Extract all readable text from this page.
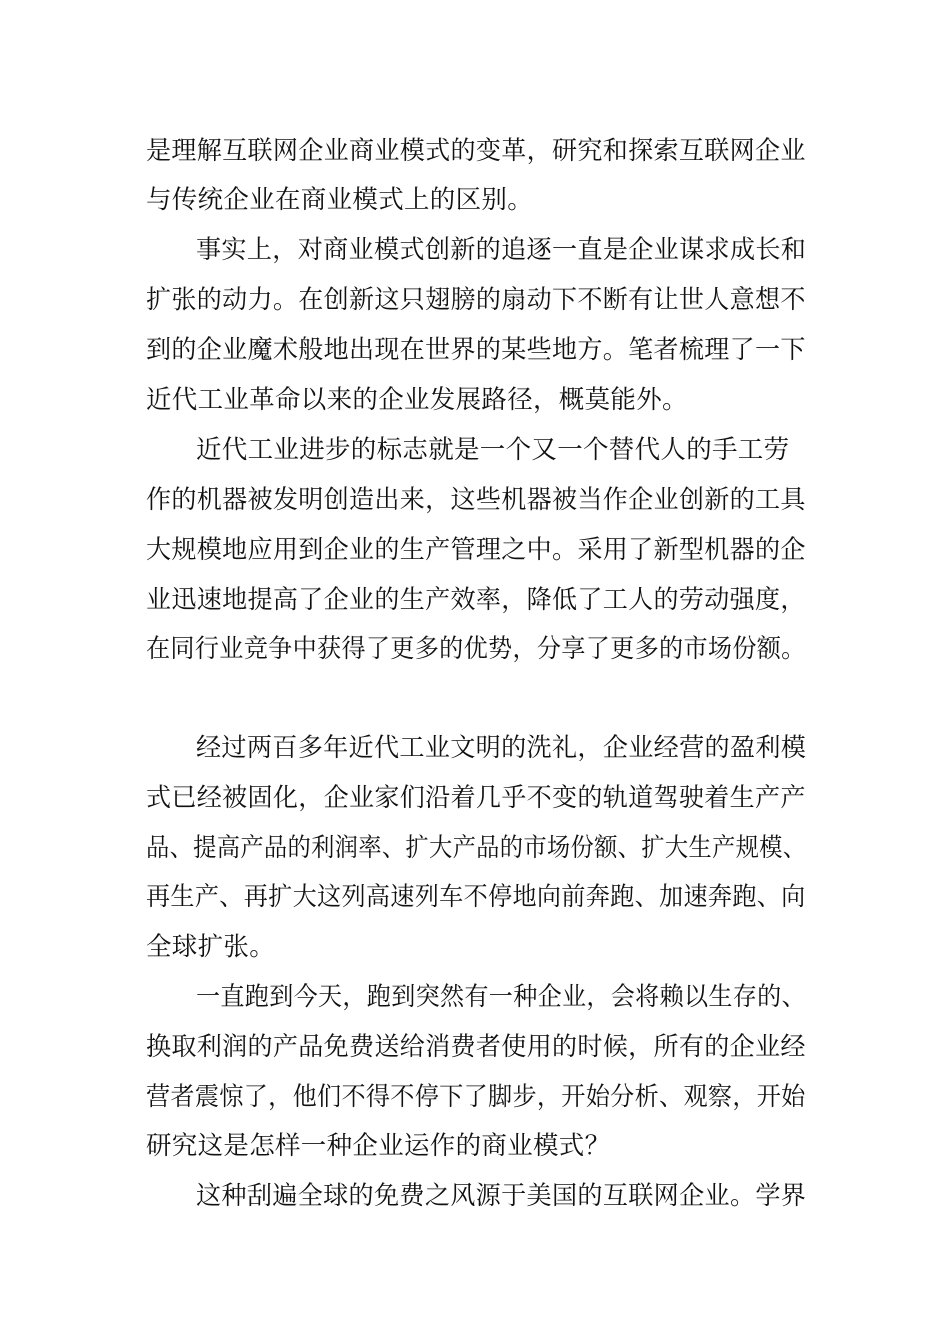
是理解互联网企业商业模式的变革，研究和探索互联网企业

与传统企业在商业模式上的区别。

事实上，对商业模式创新的追逐一直是企业谋求成长和

扩张的动力。在创新这只翅膀的扇动下不断有让世人意想不

到的企业魔术般地出现在世界的某些地方。笔者梳理了一下

近代工业革命以来的企业发展路径，概莫能外。

近代工业进步的标志就是一个又一个替代人的手工劳

作的机器被发明创造出来，这些机器被当作企业创新的工具

大规模地应用到企业的生产管理之中。采用了新型机器的企

业迅速地提高了企业的生产效率，降低了工人的劳动强度，

在同行业竞争中获得了更多的优势，分享了更多的市场份额。

经过两百多年近代工业文明的洗礼，企业经营的盈利模

式已经被固化，企业家们沿着几乎不变的轨道驾驶着生产产

品、提高产品的利润率、扩大产品的市场份额、扩大生产规模、

再生产、再扩大这列高速列车不停地向前奔跑、加速奔跑、向

全球扩张。

一直跑到今天，跑到突然有一种企业，会将赖以生存的、

换取利润的产品免费送给消费者使用的时候，所有的企业经

营者震惊了，他们不得不停下了脚步，开始分析、观察，开始

研究这是怎样一种企业运作的商业模式？

这种刮遍全球的免费之风源于美国的互联网企业。学界
